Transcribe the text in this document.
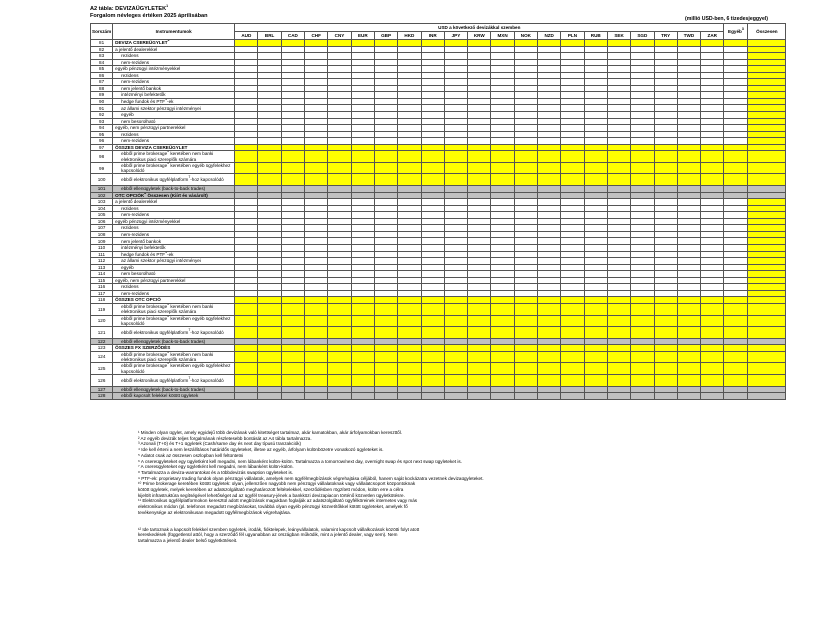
A2 tábla: DEVIZAÜGYLETEK$^1$
Forgalom névleges értéken 2025 áprilisában	(millió USD-ben, 6 tizedesjeggyel)
Sorszám	Instrumentumok	USD a következő devizákkal szemben																					Egyéb$^3$	Összesen
		AUD	BRL	CAD	CHF	CNY	EUR	GBP	HKD	INR	JPY	KRW	MXN	NOK	NZD	PLN	RUB	SEK	SGD	TRY	TWD	ZAR		
81	DEVIZA CSEREÜGYLET$^2$																							
82	a jelentő dealerekkel																							
83	rezidens																							
84	nem-rezidens																							
85	egyéb pénzügyi intézményekkel																							
86	rezidens																							
87	nem-rezidens																							
88	nem jelentő bankok																							
89	intézményi befektetők																							
90	hedge fundok és PTF$^4$-ek																							
91	az állami szektor pénzügyi intézményei																							
92	egyéb																							
93	nem besorolható																							
94	egyéb, nem pénzügyi partnerekkel																							
95	rezidens																							
96	nem-rezidens																							
97	ÖSSZES DEVIZA CSEREÜGYLET																							
98	ebből prime brokerage$^5$ keretében nem banki elektronikus piaci szereplők számára																							
99	ebből prime brokerage$^5$ keretében egyéb ügyfelekhez kapcsolódó																							
100	ebből elektronikus ügyfélplatform$^7$-hoz kapcsolódó																							
101	ebből ellenügyletek (back-to-back trades)																							
102	OTC OPCIÓK$^8$ Összesen (Kiírt és vásárolt)																							
103	a jelentő dealerekkel																							
104	rezidens																							
105	nem-rezidens																							
106	egyéb pénzügyi intézményekkel																							
107	rezidens																							
108	nem-rezidens																							
109	nem jelentő bankok																							
110	intézményi befektetők																							
111	hedge fundok és PTF$^4$-ek																							
112	az állami szektor pénzügyi intézményei																							
113	egyéb																							
114	nem besorolható																							
115	egyéb, nem pénzügyi partnerekkel																							
116	rezidens																							
117	nem-rezidens																							
118	ÖSSZES OTC OPCIÓ																							
119	ebből prime brokerage$^5$ keretében nem banki elektronikus piaci szereplők számára																							
120	ebből prime brokerage$^5$ keretében egyéb ügyfelekhez kapcsolódó																							
121	ebből elektronikus ügyfélplatform$^7$-hoz kapcsolódó																							
122	ebből ellenügyletek (back-to-back trades)																							
123	ÖSSZES FX SZERZŐDÉS																							
124	ebből prime brokerage$^5$ keretében nem banki elektronikus piaci szereplők számára																							
125	ebből prime brokerage$^5$ keretében egyéb ügyfelekhez kapcsolódó																							
126	ebből elektronikus ügyfélplatform$^7$-hoz kapcsolódó																							
127	ebből ellenügyletek (back-to-back trades)																							
128	ebből kapcsolt felekkel kötött ügyletek																							
¹ Minden olyan ügylet, amely egyidejű több devizának való kitettséget tartalmaz, akár kamatokban, akár árfolyamokban kereszttől.
² Az egyéb devizák teljes forgalmának részletesebb bontását az A4 tábla tartalmazza.
³ Azonali (T+0) és T+1 ügyletek (Cash/same day és next day típusú tranzakciók)
⁴ Ide kell érteni a nem leszállításos határidős ügyleteket, illetve az egyéb, árfolyam különbözetre vonatkozó ügyleteket is.
⁵ Adatot csak az összesen oszlopban kell feltüntetni
⁶ A csereügyleteket egy ügyletként kell megadni, nem lábanként külön-külön. Tartalmazza a tomorrow/next day, overnight swap és spot next swap ügyleteket is.
⁷ A csereügyleteket egy ügyletként kell megadni, nem lábanként külön-külön.
⁸ Tartalmazza a deviza-warrantokat és a többdevizás swaption ügyleteket is.
⁹ PTF-ek: proprietary trading fundok olyan pénzügyi vállalatok, amelyek nem ügyfélmegbízások végrehajtása céljából, hanem saját kockázatra vezetnek devizaügyleteket.
¹⁰ Prime brokerage keretében kötött ügyletek: olyan, jellemzően nagyobb nem pénzügyi vállalatoknak vagy vállalatcsoport központoknak
kötött ügyletek, melyek keretében az adatszolgáltató meghatározott feltételekkel, szerződésben rögzített módon, külön erre a célra
kijelölt infrastruktúra segítségével lehetőséget ad az ügyfél treasury-jének a bankközi devizapiacon történő közvetlen ügyletkötésre.
¹¹ Elektronikus ügyfélplatformokon keresztül adott megbízások magukban foglalják az adatszolgáltató ügyfélköreinek internetes vagy más
elektronikus módon (pl. telefonos megadott megbízásokat, továbbá olyan egyéb pénzügyi közvetítőkkel kötött ügyleteket, amelyek fő
tevékenysége az elektronikusan megadott ügyfélmegbízások végrehajtása.
¹² Ide tartoznak a kapcsolt felekkel szemben ügyletek, irodák, fióktelepek, leányvállalatok, valamint kapcsolt vállalkozások közötti folyt atott
kereskedések (függetlenül attól, hogy a szerződő fél ugyanabban az országban működik, mint a jelentő dealer, vagy sem). Nem
tartalmazza a jelentő dealer belső ügyletkötéseit.
